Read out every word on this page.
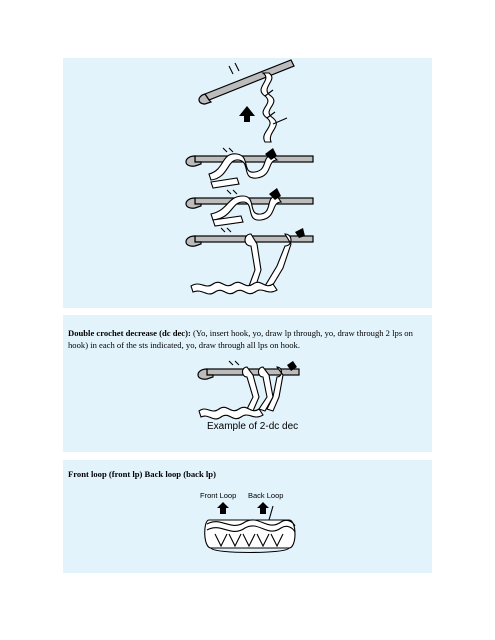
Double crochet decrease (dc dec): (Yo, insert hook, yo, draw lp through, yo, draw through 2 lps on hook) in each of the sts indicated, yo, draw through all lps on hook.

Example of 2-dc dec

Front loop (front lp) Back loop (back lp)

Front Loop Back Loop
